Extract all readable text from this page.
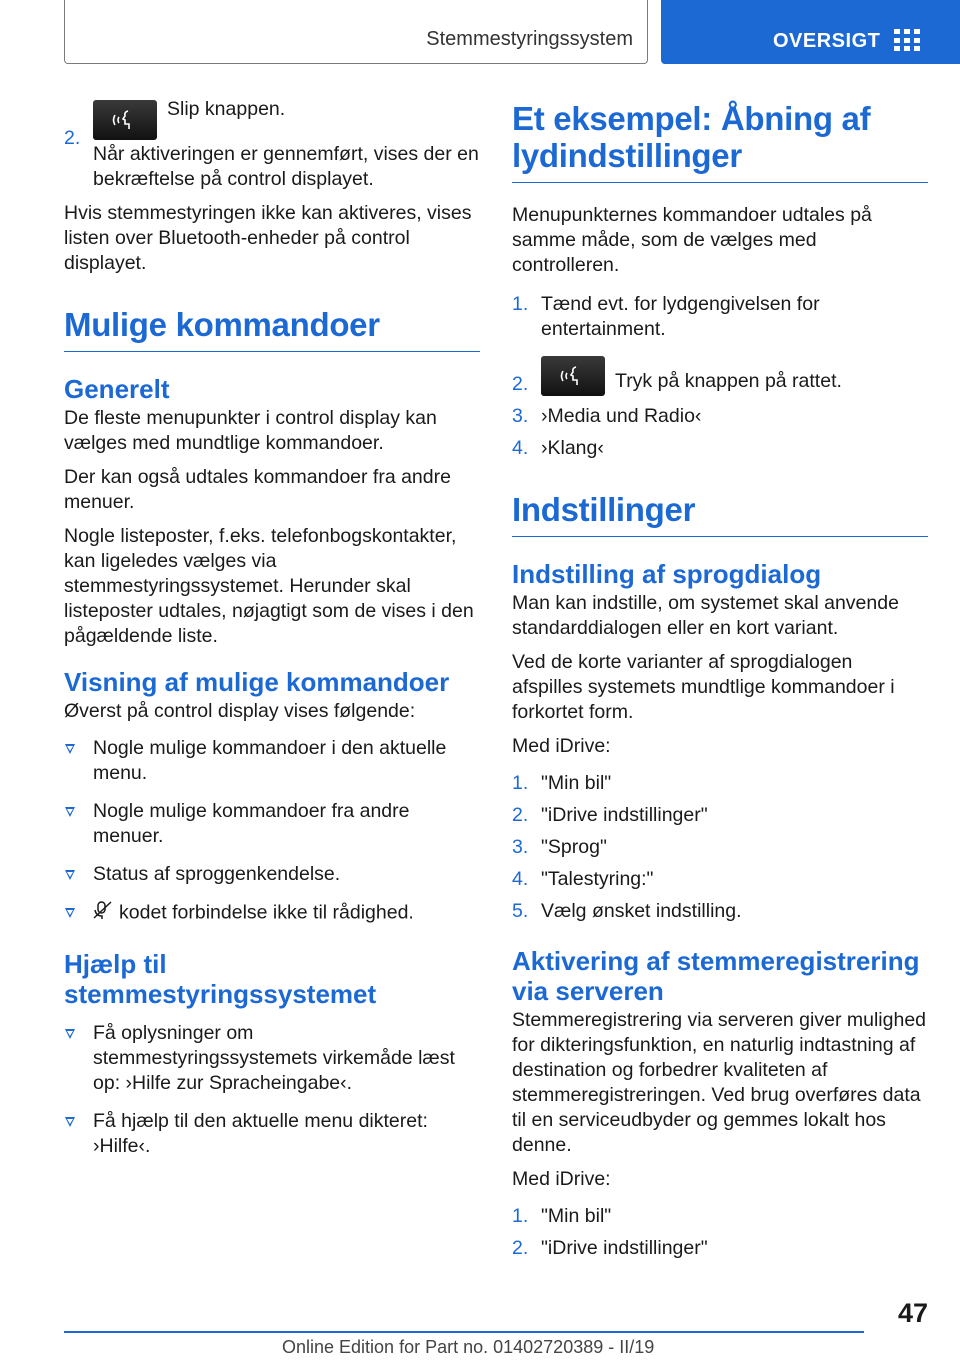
Stemmestyringssystem	OVERSIGT
2.
Slip knappen.

Når aktiveringen er gennemført, vises der en bekræftelse på control displayet.

Hvis stemmestyringen ikke kan aktiveres, vises listen over Bluetooth-enheder på control displayet.

Mulige kommandoer
Generelt

De fleste menupunkter i control display kan vælges med mundtlige kommandoer.

Der kan også udtales kommandoer fra andre menuer.

Nogle listeposter, f.eks. telefonbogskontakter, kan ligeledes vælges via stemmestyringssystemet. Herunder skal listeposter udtales, nøjagtigt som de vises i den pågældende liste.

Visning af mulige kommandoer

Øverst på control display vises følgende:

Nogle mulige kommandoer i den aktuelle menu.
Nogle mulige kommandoer fra andre menuer.
Status af sproggenkendelse.
kodet forbindelse ikke til rådighed.
Hjælp til stemmestyringssystemet
Få oplysninger om stemmestyringssystemets virkemåde læst op: ›Hilfe zur Spracheingabe‹.
Få hjælp til den aktuelle menu dikteret: ›Hilfe‹.
Et eksempel: Åbning af lydindstillinger

Menupunkternes kommandoer udtales på samme måde, som de vælges med controlleren.

1. Tænd evt. for lydgengivelsen for entertainment.
2.	Tryk på knappen på rattet.
3. ›Media und Radio‹
4. ›Klang‹
Indstillinger
Indstilling af sprogdialog

Man kan indstille, om systemet skal anvende standarddialogen eller en kort variant.

Ved de korte varianter af sprogdialogen afspilles systemets mundtlige kommandoer i forkortet form.

Med iDrive:

1. "Min bil"
2. "iDrive indstillinger"
3. "Sprog"
4. "Talestyring:"
5. Vælg ønsket indstilling.
Aktivering af stemmeregistrering via serveren

Stemmeregistrering via serveren giver mulighed for dikteringsfunktion, en naturlig indtastning af destination og forbedrer kvaliteten af stemmeregistreringen. Ved brug overføres data til en serviceudbyder og gemmes lokalt hos denne.

Med iDrive:

1. "Min bil"
2. "iDrive indstillinger"
47
Online Edition for Part no. 01402720389 - II/19
